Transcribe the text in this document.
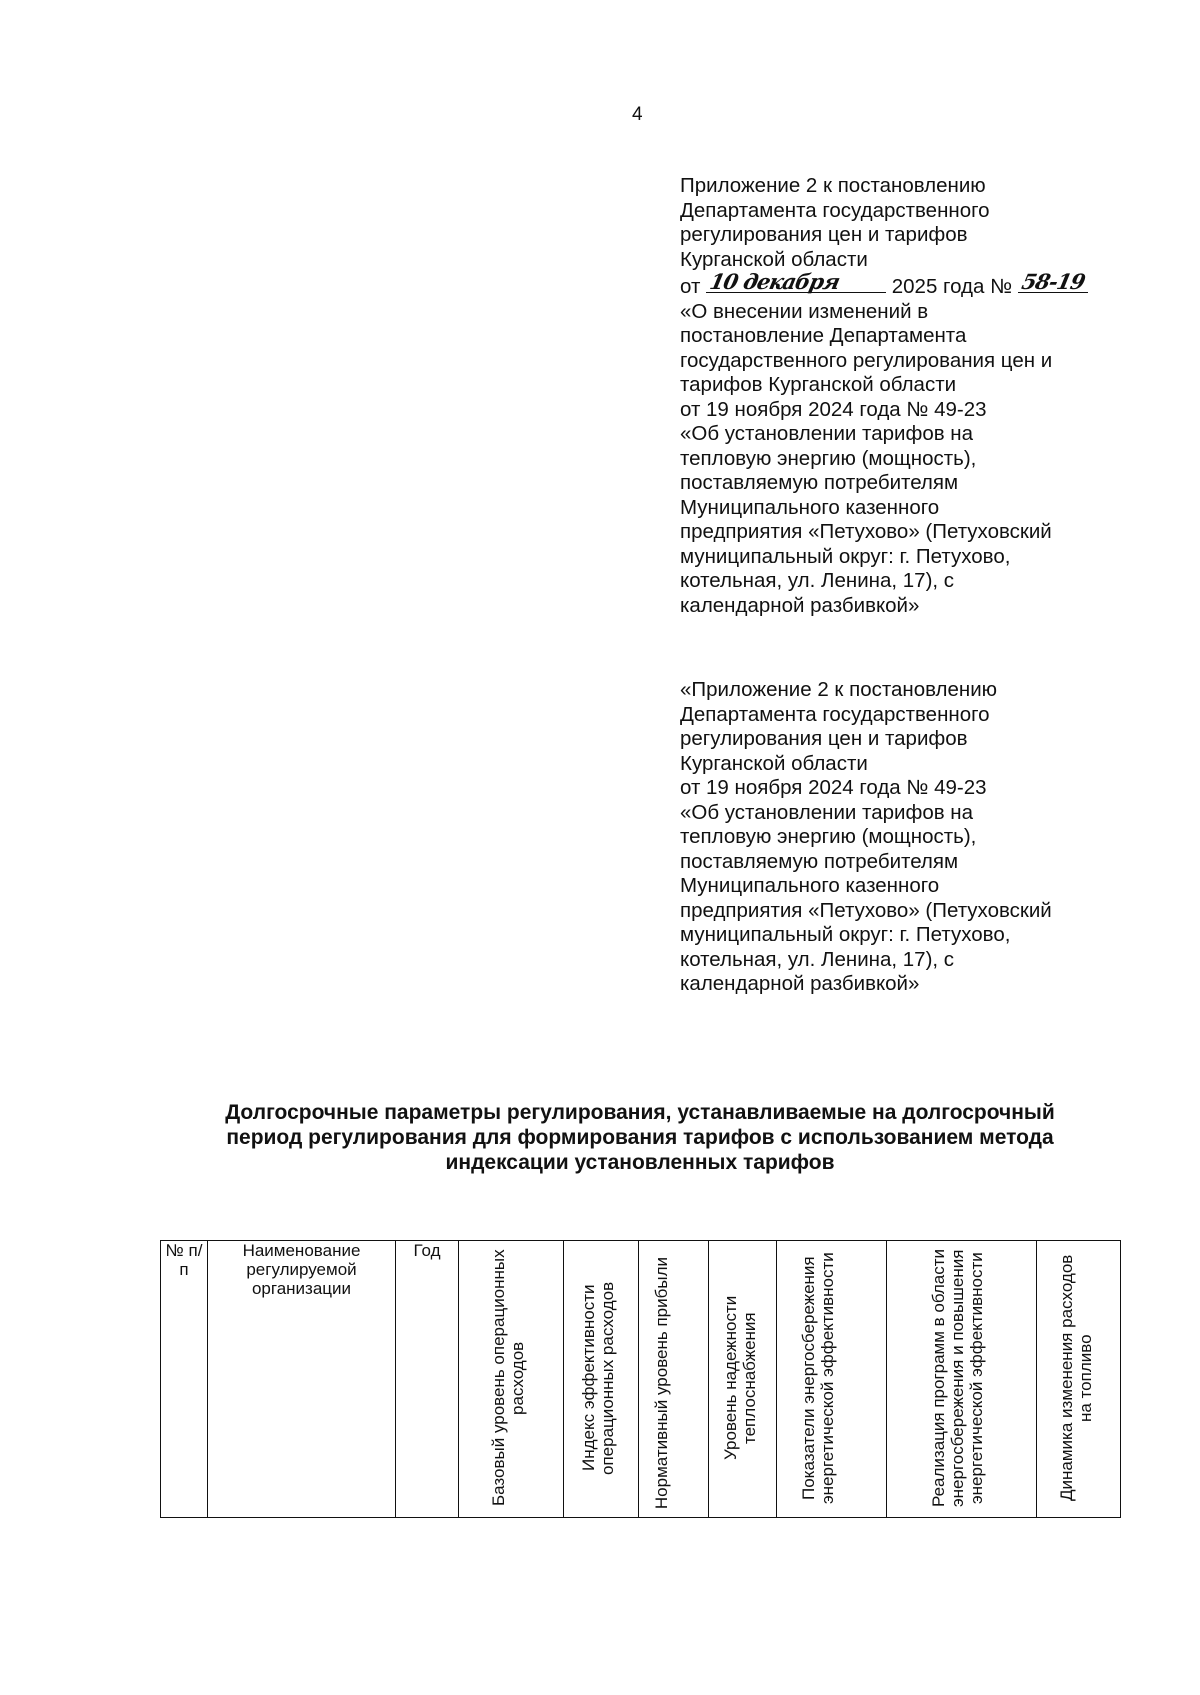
4
Приложение 2 к постановлению
Департамента государственного
регулирования цен и тарифов
Курганской области
от 10 декабря 2025 года № 58-19
«О внесении изменений в
постановление Департамента
государственного регулирования цен и
тарифов Курганской области
от 19 ноября 2024 года № 49-23
«Об установлении тарифов на
тепловую энергию (мощность),
поставляемую потребителям
Муниципального казенного
предприятия «Петухово» (Петуховский
муниципальный округ: г. Петухово,
котельная, ул. Ленина, 17), с
календарной разбивкой»
«Приложение 2 к постановлению
Департамента государственного
регулирования цен и тарифов
Курганской области
от 19 ноября 2024 года № 49-23
«Об установлении тарифов на
тепловую энергию (мощность),
поставляемую потребителям
Муниципального казенного
предприятия «Петухово» (Петуховский
муниципальный округ: г. Петухово,
котельная, ул. Ленина, 17), с
календарной разбивкой»
Долгосрочные параметры регулирования, устанавливаемые на долгосрочный
период регулирования для формирования тарифов с использованием метода
индексации установленных тарифов
№ п/п	Наименование регулируемой организации	Год	Базовый уровень операционных расходов	Индекс эффективности операционных расходов	Нормативный уровень прибыли	Уровень надежности теплоснабжения	Показатели энергосбережения энергетической эффективности	Реализация программ в области энергосбережения и повышения энергетической эффективности	Динамика изменения расходов на топливо
